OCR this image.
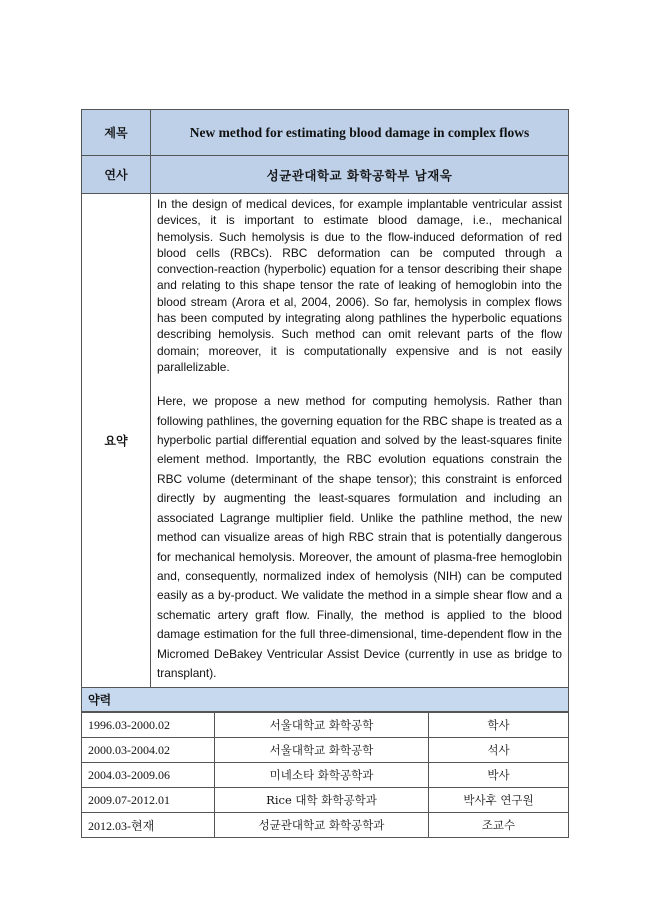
제목	New method for estimating blood damage in complex flows
연사	성균관대학교 화학공학부 남재욱
요약	In the design of medical devices, for example implantable ventricular assist devices, it is important to estimate blood damage, i.e., mechanical hemolysis. Such hemolysis is due to the flow-induced deformation of red blood cells (RBCs). RBC deformation can be computed through a convection-reaction (hyperbolic) equation for a tensor describing their shape and relating to this shape tensor the rate of leaking of hemoglobin into the blood stream (Arora et al, 2004, 2006). So far, hemolysis in complex flows has been computed by integrating along pathlines the hyperbolic equations describing hemolysis. Such method can omit relevant parts of the flow domain; moreover, it is computationally expensive and is not easily parallelizable.

Here, we propose a new method for computing hemolysis. Rather than following pathlines, the governing equation for the RBC shape is treated as a hyperbolic partial differential equation and solved by the least-squares finite element method. Importantly, the RBC evolution equations constrain the RBC volume (determinant of the shape tensor); this constraint is enforced directly by augmenting the least-squares formulation and including an associated Lagrange multiplier field. Unlike the pathline method, the new method can visualize areas of high RBC strain that is potentially dangerous for mechanical hemolysis. Moreover, the amount of plasma-free hemoglobin and, consequently, normalized index of hemolysis (NIH) can be computed easily as a by-product. We validate the method in a simple shear flow and a schematic artery graft flow. Finally, the method is applied to the blood damage estimation for the full three-dimensional, time-dependent flow in the Micromed DeBakey Ventricular Assist Device (currently in use as bridge to transplant).

약력	
1996.03-2000.02	서울대학교 화학공학	학사
2000.03-2004.02	서울대학교 화학공학	석사
2004.03-2009.06	미네소타 화학공학과	박사
2009.07-2012.01	Rice 대학 화학공학과	박사후 연구원
2012.03-현재	성균관대학교 화학공학과	조교수
